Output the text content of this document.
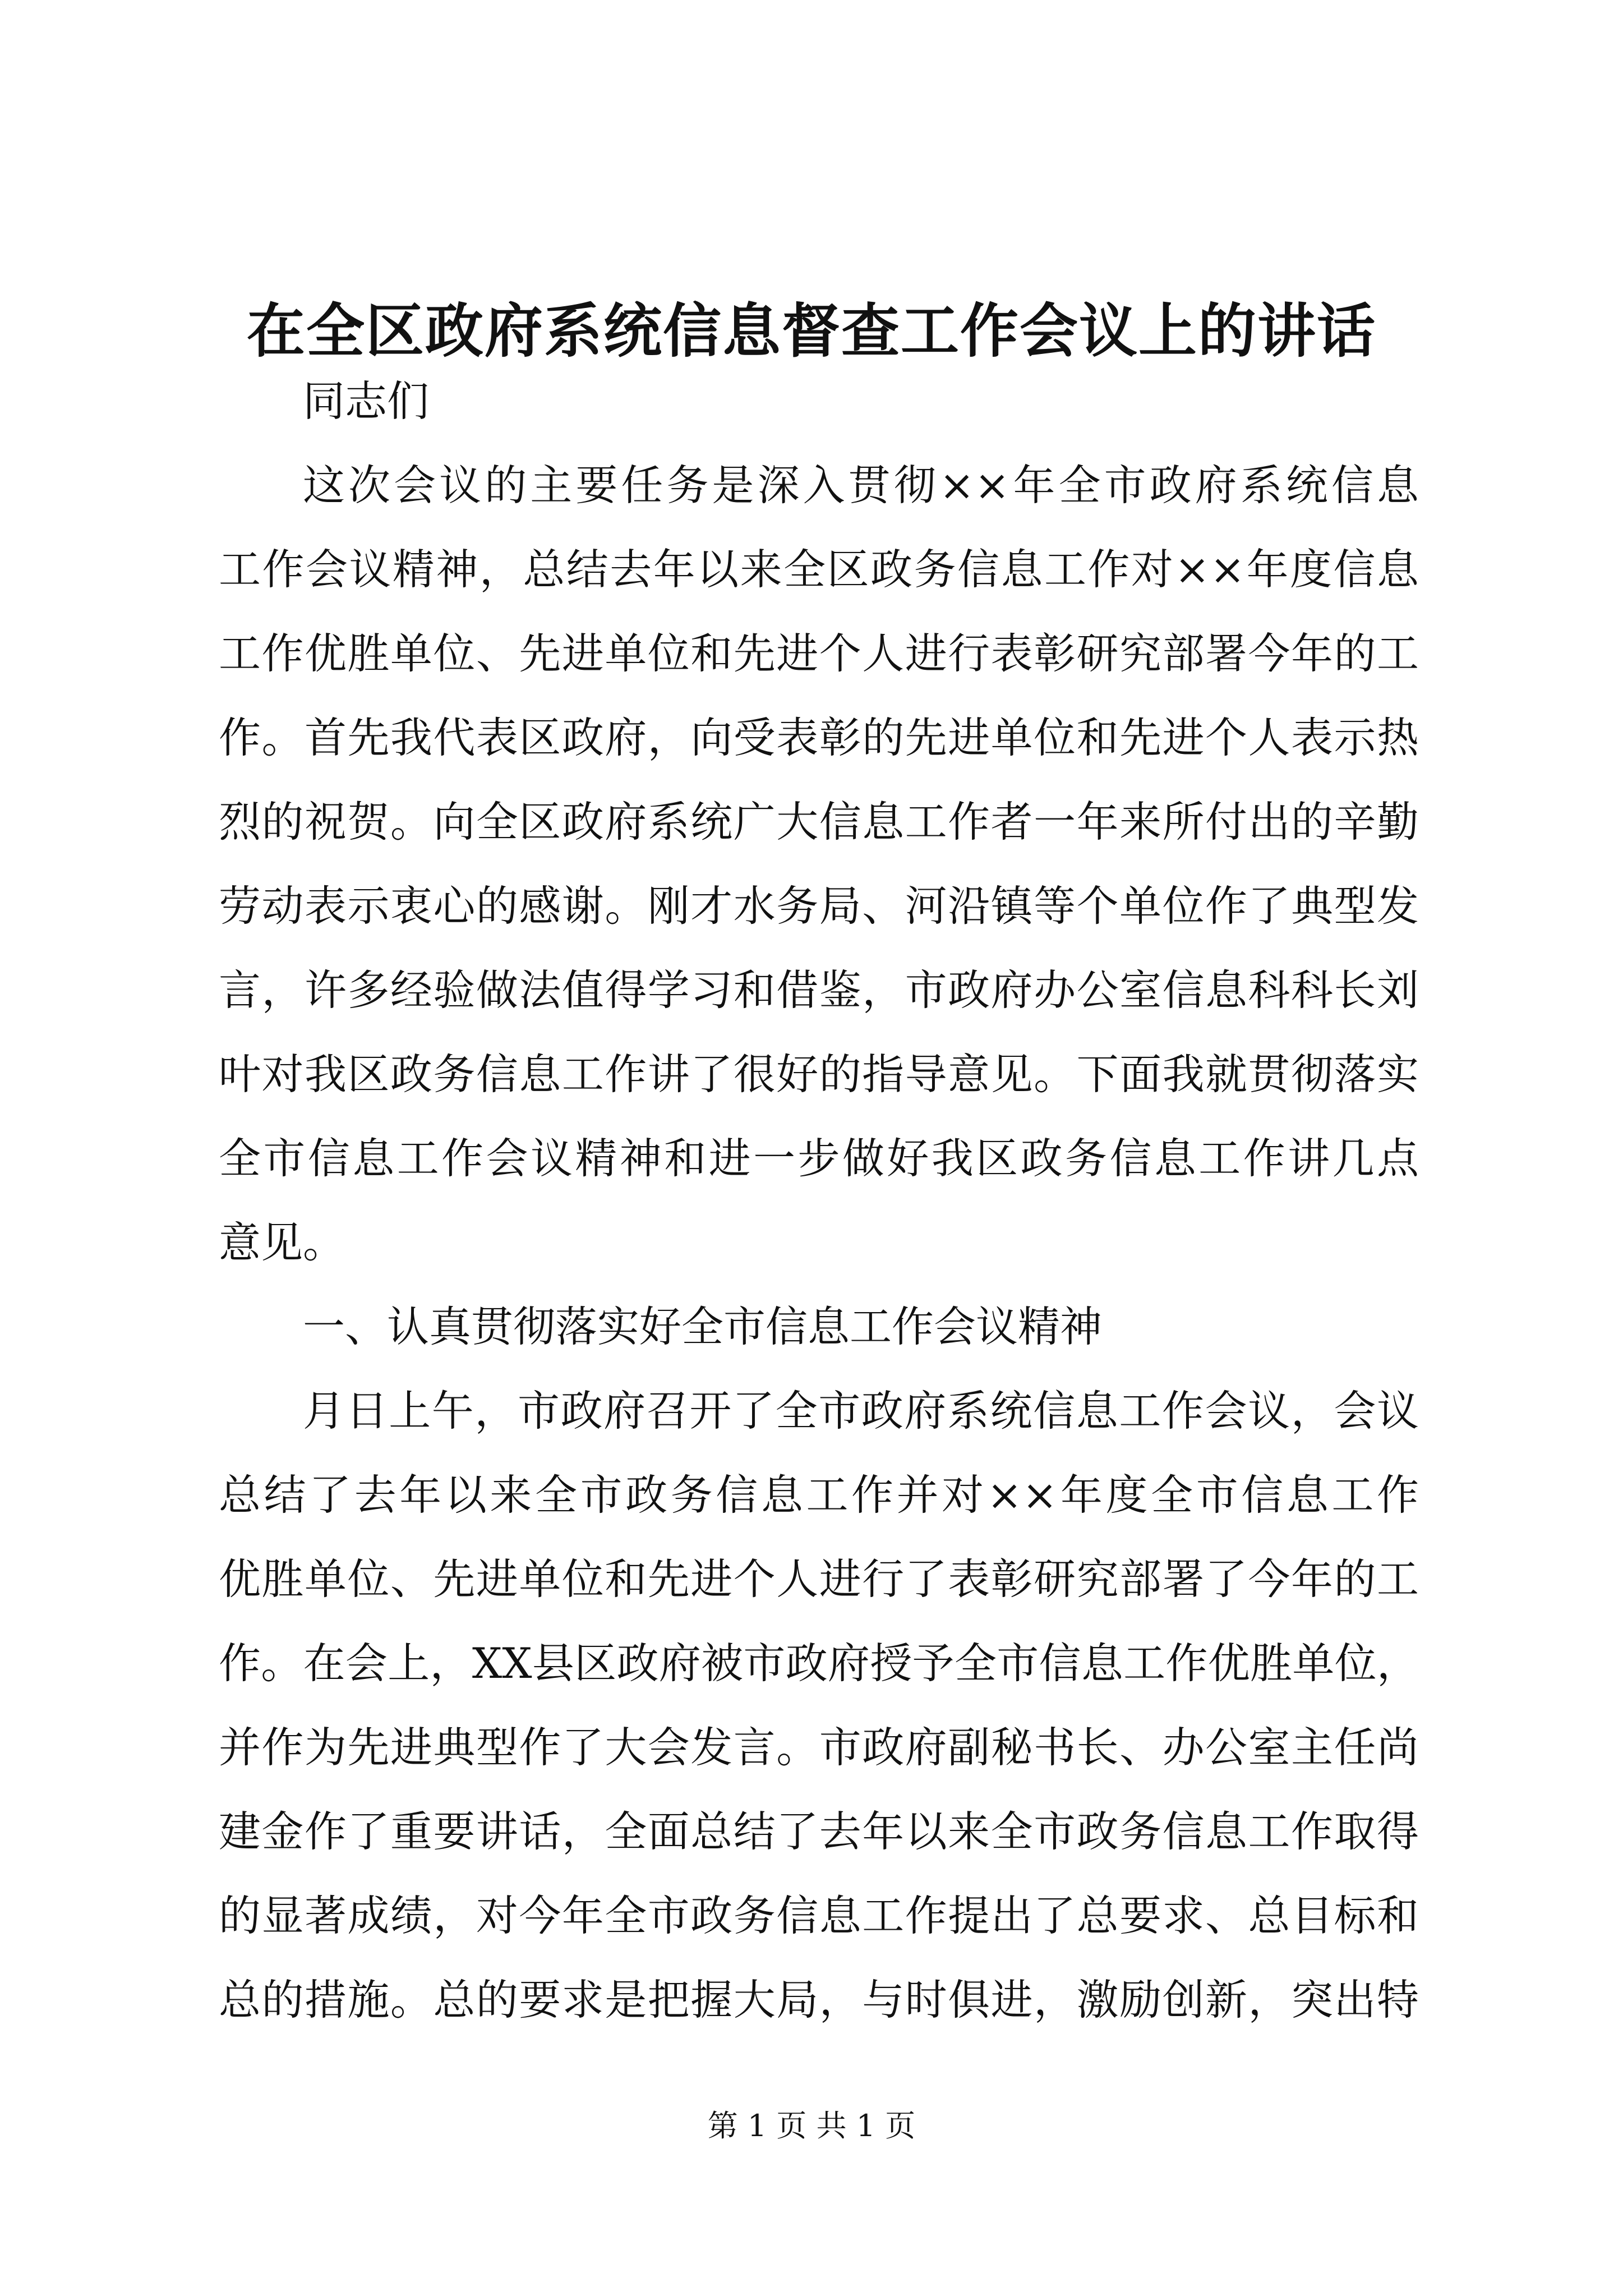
在全区政府系统信息督查工作会议上的讲话
同志们
这次会议的主要任务是深入贯彻××年全市政府系统信息
工作会议精神，总结去年以来全区政务信息工作对××年度信息
工作优胜单位、先进单位和先进个人进行表彰研究部署今年的工
作。首先我代表区政府，向受表彰的先进单位和先进个人表示热
烈的祝贺。向全区政府系统广大信息工作者一年来所付出的辛勤
劳动表示衷心的感谢。刚才水务局、河沿镇等个单位作了典型发
言，许多经验做法值得学习和借鉴，市政府办公室信息科科长刘
叶对我区政务信息工作讲了很好的指导意见。下面我就贯彻落实
全市信息工作会议精神和进一步做好我区政务信息工作讲几点
意见。
一、认真贯彻落实好全市信息工作会议精神
月日上午，市政府召开了全市政府系统信息工作会议，会议
总结了去年以来全市政务信息工作并对××年度全市信息工作
优胜单位、先进单位和先进个人进行了表彰研究部署了今年的工
作。在会上，XX县区政府被市政府授予全市信息工作优胜单位，
并作为先进典型作了大会发言。市政府副秘书长、办公室主任尚
建金作了重要讲话，全面总结了去年以来全市政务信息工作取得
的显著成绩，对今年全市政务信息工作提出了总要求、总目标和
总的措施。总的要求是把握大局，与时俱进，激励创新，突出特
第 1 页 共 1 页
